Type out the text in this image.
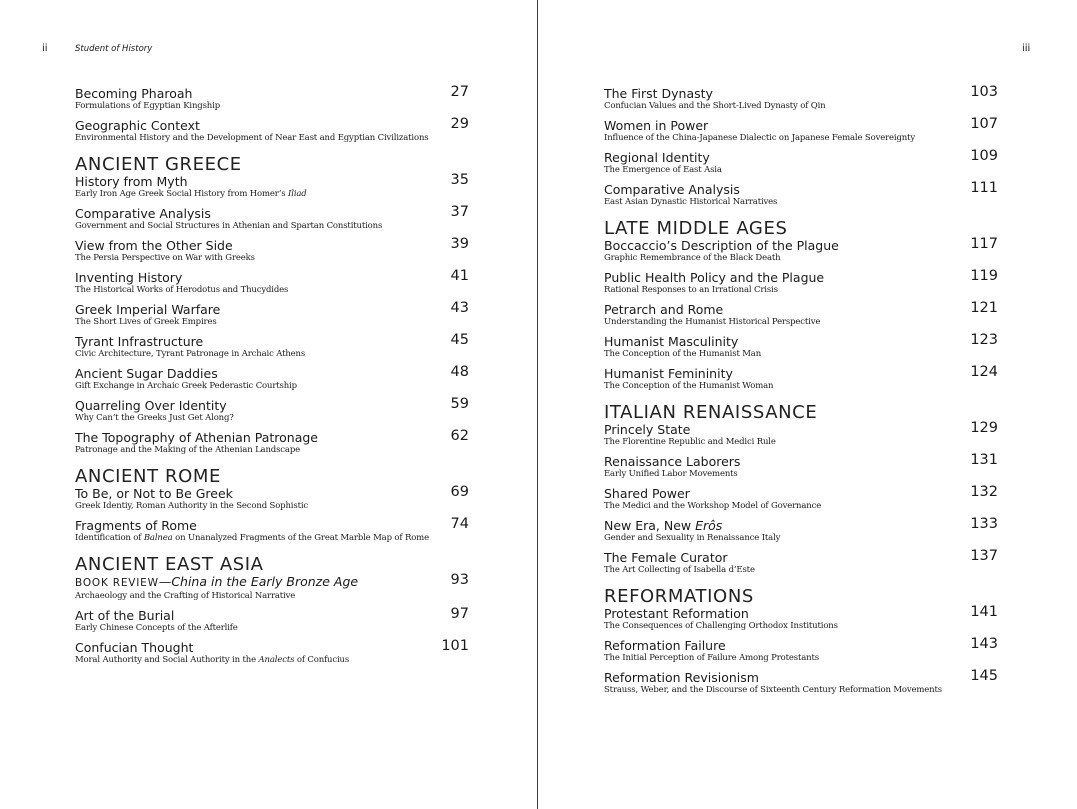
ii	Student of History	iii
Becoming Pharoah
Formulations of Egyptian Kingship
27
Geographic Context
Environmental History and the Development of Near East and Egyptian Civilizations
29
ANCIENT GREECE
History from Myth
Early Iron Age Greek Social History from Homer’s Iliad
35
Comparative Analysis
Government and Social Structures in Athenian and Spartan Constitutions
37
View from the Other Side
The Persia Perspective on War with Greeks
39
Inventing History
The Historical Works of Herodotus and Thucydides
41
Greek Imperial Warfare
The Short Lives of Greek Empires
43
Tyrant Infrastructure
Civic Architecture, Tyrant Patronage in Archaic Athens
45
Ancient Sugar Daddies
Gift Exchange in Archaic Greek Pederastic Courtship
48
Quarreling Over Identity
Why Can’t the Greeks Just Get Along?
59
The Topography of Athenian Patronage
Patronage and the Making of the Athenian Landscape
62
ANCIENT ROME
To Be, or Not to Be Greek
Greek Identiy, Roman Authority in the Second Sophistic
69
Fragments of Rome
Identification of Balnea on Unanalyzed Fragments of the Great Marble Map of Rome
74
ANCIENT EAST ASIA
BOOK REVIEW—China in the Early Bronze Age
Archaeology and the Crafting of Historical Narrative
93
Art of the Burial
Early Chinese Concepts of the Afterlife
97
Confucian Thought
Moral Authority and Social Authority in the Analects of Confucius
101
The First Dynasty
Confucian Values and the Short-Lived Dynasty of Qin
103
Women in Power
Influence of the China-Japanese Dialectic on Japanese Female Sovereignty
107
Regional Identity
The Emergence of East Asia
109
Comparative Analysis
East Asian Dynastic Historical Narratives
111
LATE MIDDLE AGES
Boccaccio’s Description of the Plague
Graphic Remembrance of the Black Death
117
Public Health Policy and the Plague
Rational Responses to an Irrational Crisis
119
Petrarch and Rome
Understanding the Humanist Historical Perspective
121
Humanist Masculinity
The Conception of the Humanist Man
123
Humanist Femininity
The Conception of the Humanist Woman
124
ITALIAN RENAISSANCE
Princely State
The Florentine Republic and Medici Rule
129
Renaissance Laborers
Early Unified Labor Movements
131
Shared Power
The Medici and the Workshop Model of Governance
132
New Era, New Erôs
Gender and Sexuality in Renaissance Italy
133
The Female Curator
The Art Collecting of Isabella d’Este
137
REFORMATIONS
Protestant Reformation
The Consequences of Challenging Orthodox Institutions
141
Reformation Failure
The Initial Perception of Failure Among Protestants
143
Reformation Revisionism
Strauss, Weber, and the Discourse of Sixteenth Century Reformation Movements
145
